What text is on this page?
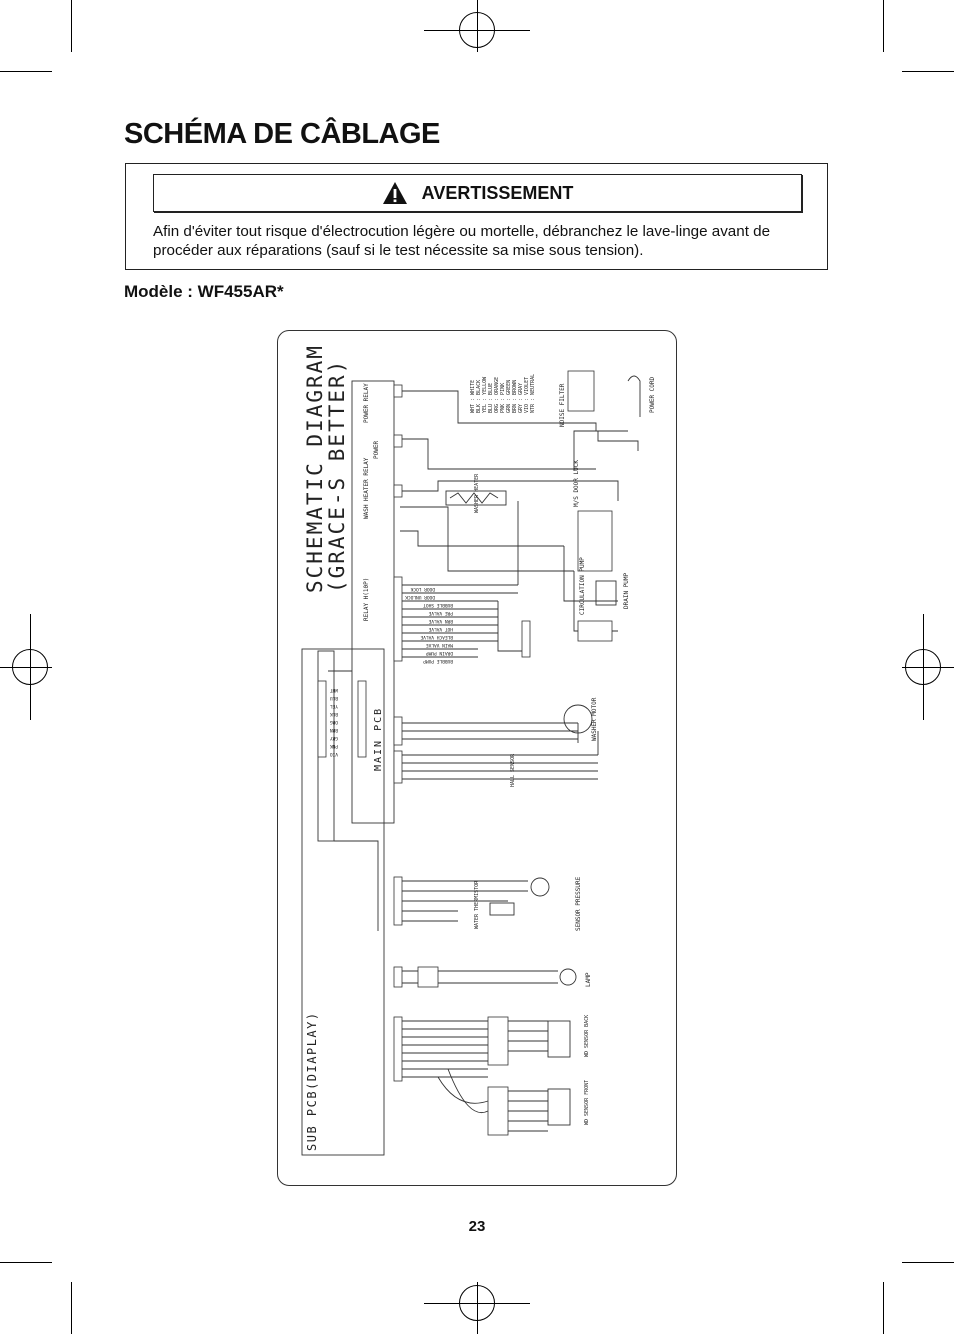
SCHÉMA DE CÂBLAGE
AVERTISSEMENT

Afin d'éviter tout risque d'électrocution légère ou mortelle, débranchez le lave-linge avant de procéder aux réparations (sauf si le test nécessite sa mise sous tension).

Modèle : WF455AR*

SCHEMATIC DIAGRAM
(GRACE-S BETTER)
MAIN PCB
SUB PCB(DIAPLAY)
POWER RELAY
POWER
WASH HEATER RELAY
RELAY H(10P)
WASHER HEATER
NOISE FILTER	POWER CORD
M/S DOOR LOCK
CIRCULATION PUMP	DRAIN PUMP
WASHER MOTOR
HALL SENSOR
SENSOR PRESSURE
WATER THERMISTOR
LAMP
WD SENSOR BACK
WD SENSOR FRONT
DOOR LOCK
DOOR UNLOCK
BUBBLE SHOT
PRE VALVE
BRN VALVE
HOT VALVE
BLEACH VALVE
MAIN VALVE
DRAIN PUMP
BUBBLE PUMP
WHT
BLU
YEL
BLK
ORG
BRN
GRY
PNK
VIO
WHT : WHITE BLK : BLACK YEL : YELLOW BLU : BLUE ORG : ORANGE PNK : PINK GRN : GREEN BRN : BROWN GRY : GRAY VIO : VIOLET NTR : NEUTRAL
23
